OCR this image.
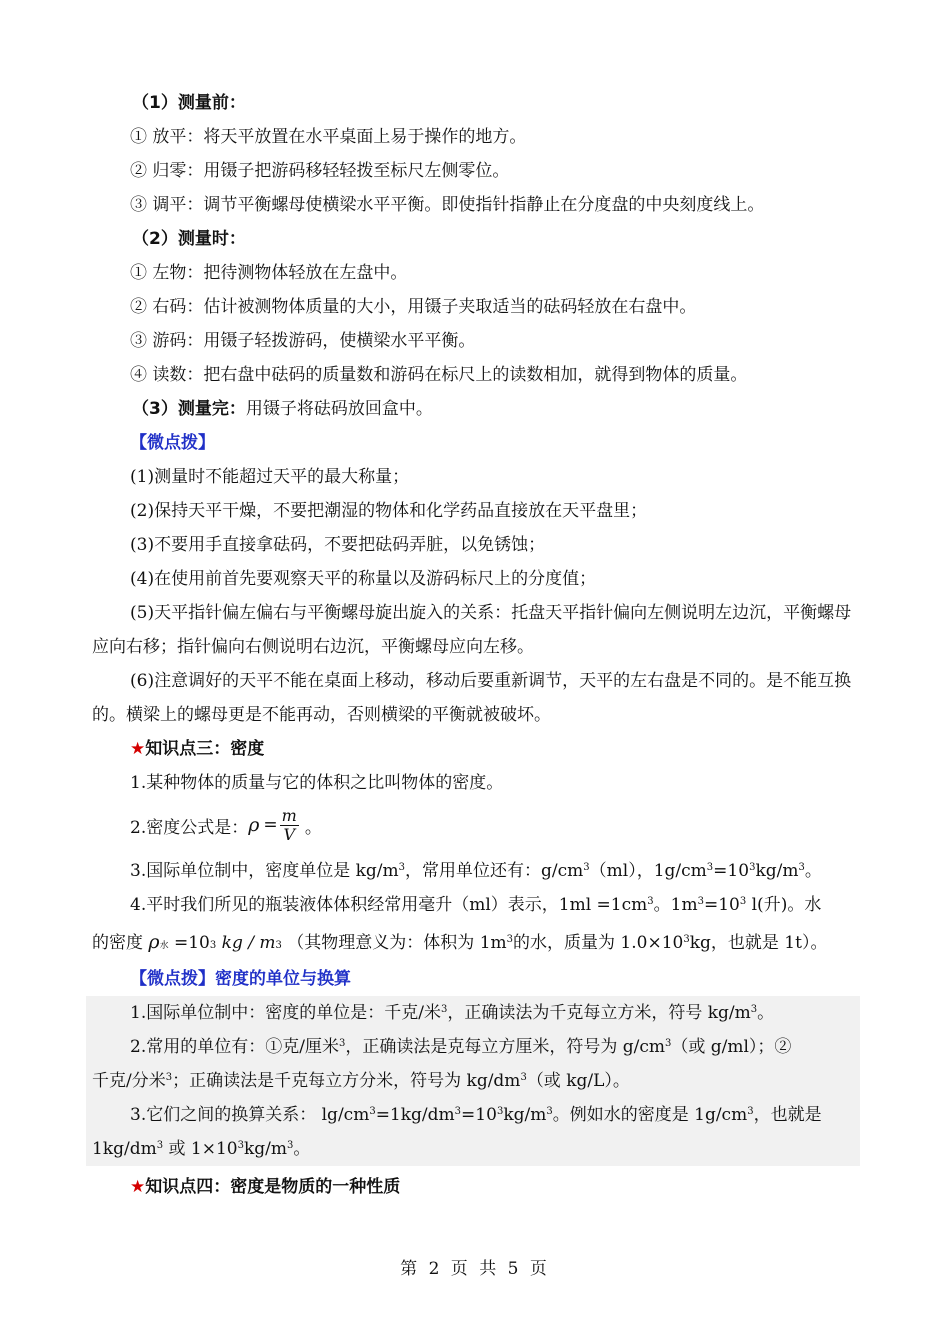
（1）测量前：
① 放平：将天平放置在水平桌面上易于操作的地方。
② 归零：用镊子把游码移轻轻拨至标尺左侧零位。
③ 调平：调节平衡螺母使横梁水平平衡。即使指针指静止在分度盘的中央刻度线上。
（2）测量时：
① 左物：把待测物体轻放在左盘中。
② 右码：估计被测物体质量的大小，用镊子夹取适当的砝码轻放在右盘中。
③ 游码：用镊子轻拨游码，使横梁水平平衡。
④ 读数：把右盘中砝码的质量数和游码在标尺上的读数相加，就得到物体的质量。
（3）测量完：用镊子将砝码放回盒中。
【微点拨】
(1)测量时不能超过天平的最大称量；
(2)保持天平干燥，不要把潮湿的物体和化学药品直接放在天平盘里；
(3)不要用手直接拿砝码，不要把砝码弄脏，以免锈蚀；
(4)在使用前首先要观察天平的称量以及游码标尺上的分度值；
(5)天平指针偏左偏右与平衡螺母旋出旋入的关系：托盘天平指针偏向左侧说明左边沉，平衡螺母应向右移；指针偏向右侧说明右边沉，平衡螺母应向左移。
(6)注意调好的天平不能在桌面上移动，移动后要重新调节，天平的左右盘是不同的。是不能互换的。横梁上的螺母更是不能再动，否则横梁的平衡就被破坏。
★知识点三：密度
1.某种物体的质量与它的体积之比叫物体的密度。
2.密度公式是： $\rho = \frac{m}{V}$ 。
3.国际单位制中，密度单位是 $kg/m^3$，常用单位还有：$g/cm^3(ml)$，$1g/cm^3=10^3kg/m^3$。
4.平时我们所见的瓶装液体体积经常用毫升（ml）表示，$1ml =1cm^3$。$1m^3=10^3$ l(升)。水
的密度 ρ 水
=10 3
kg / m 3 （其物理意义为：体积为 $1m^3$的水，质量为 $1.0\times 10^3kg$，也就是 1t）。
【微点拨】密度的单位与换算
1.国际单位制中：密度的单位是：千克/米$^3$，正确读法为千克每立方米，符号 $kg/m^3$。
2.常用的单位有：①克/厘米$^3$，正确读法是克每立方厘米，符号为 $g/cm^3$（或 g/ml）；②
千克/分米$^3$；正确读法是千克每立方分米，符号为 $kg/dm^3$（或 kg/L）。
3.它们之间的换算关系： $\lg/cm^3=1kg/dm^3=10^3kg/m^3$。例如水的密度是 $1g/cm^3$，也就是
$1kg/dm^3$ 或 $1\times 10^3kg/m^3$。
★知识点四：密度是物质的一种性质
第 2 页 共 5 页
